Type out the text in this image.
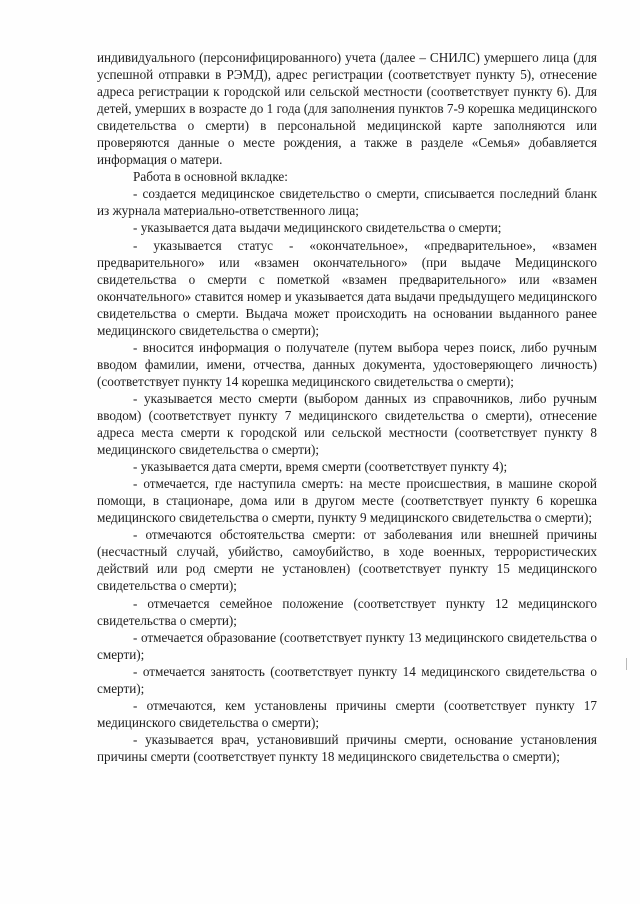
индивидуального (персонифицированного) учета (далее – СНИЛС) умершего лица (для успешной отправки в РЭМД), адрес регистрации (соответствует пункту 5), отнесение адреса регистрации к городской или сельской местности (соответствует пункту 6). Для детей, умерших в возрасте до 1 года (для заполнения пунктов 7-9 корешка медицинского свидетельства о смерти) в персональной медицинской карте заполняются или проверяются данные о месте рождения, а также в разделе «Семья» добавляется информация о матери.

Работа в основной вкладке:

- создается медицинское свидетельство о смерти, списывается последний бланк из журнала материально-ответственного лица;

- указывается дата выдачи медицинского свидетельства о смерти;

- указывается статус - «окончательное», «предварительное», «взамен предварительного» или «взамен окончательного» (при выдаче Медицинского свидетельства о смерти с пометкой «взамен предварительного» или «взамен окончательного» ставится номер и указывается дата выдачи предыдущего медицинского свидетельства о смерти. Выдача может происходить на основании выданного ранее медицинского свидетельства о смерти);

- вносится информация о получателе (путем выбора через поиск, либо ручным вводом фамилии, имени, отчества, данных документа, удостоверяющего личность) (соответствует пункту 14 корешка медицинского свидетельства о смерти);

- указывается место смерти (выбором данных из справочников, либо ручным вводом) (соответствует пункту 7 медицинского свидетельства о смерти), отнесение адреса места смерти к городской или сельской местности (соответствует пункту 8 медицинского свидетельства о смерти);

- указывается дата смерти, время смерти (соответствует пункту 4);

- отмечается, где наступила смерть: на месте происшествия, в машине скорой помощи, в стационаре, дома или в другом месте (соответствует пункту 6 корешка медицинского свидетельства о смерти, пункту 9 медицинского свидетельства о смерти);

- отмечаются обстоятельства смерти: от заболевания или внешней причины (несчастный случай, убийство, самоубийство, в ходе военных, террористических действий или род смерти не установлен) (соответствует пункту 15 медицинского свидетельства о смерти);

- отмечается семейное положение (соответствует пункту 12 медицинского свидетельства о смерти);

- отмечается образование (соответствует пункту 13 медицинского свидетельства о смерти);

- отмечается занятость (соответствует пункту 14 медицинского свидетельства о смерти);

- отмечаются, кем установлены причины смерти (соответствует пункту 17 медицинского свидетельства о смерти);

- указывается врач, установивший причины смерти, основание установления причины смерти (соответствует пункту 18 медицинского свидетельства о смерти);
